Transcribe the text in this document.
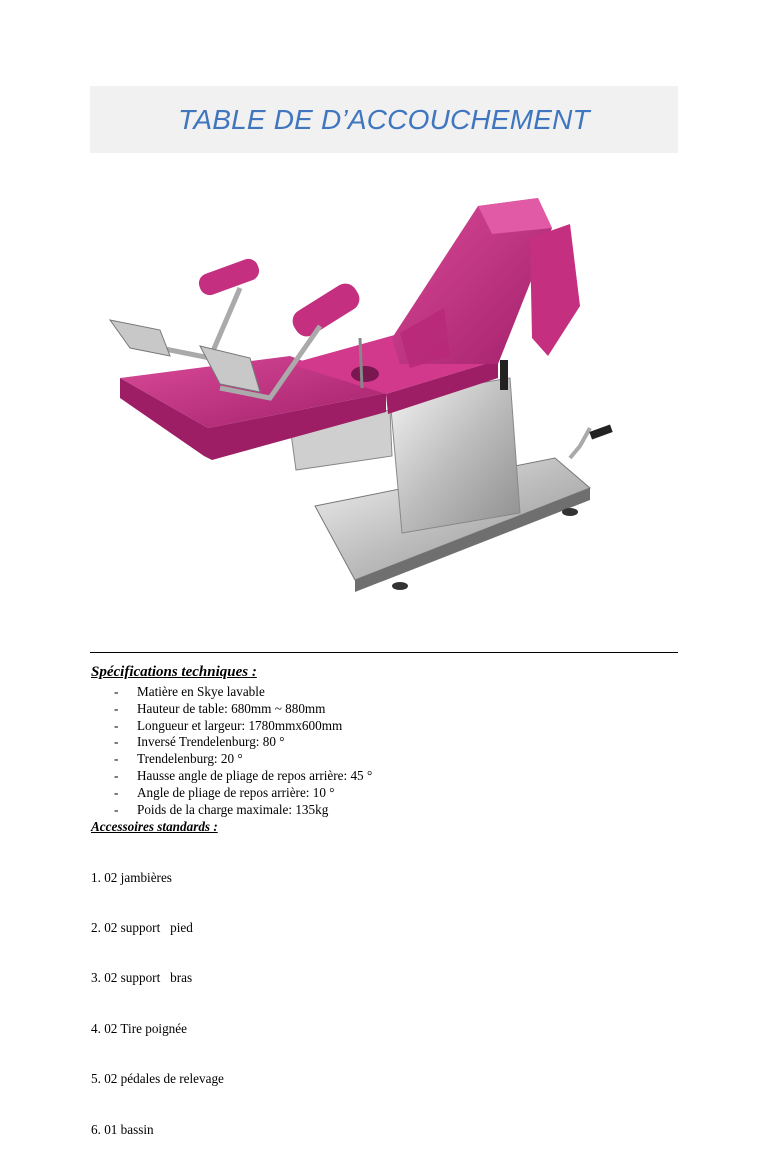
TABLE DE D’ACCOUCHEMENT
Spécifications techniques :
-	Matière en Skye lavable
-	Hauteur de table: 680mm ~ 880mm
-	Longueur et largeur: 1780mmx600mm
-	Inversé Trendelenburg: 80 °
-	Trendelenburg: 20 °
-	Hausse angle de pliage de repos arrière: 45 °
-	Angle de pliage de repos arrière: 10 °
-	Poids de la charge maximale: 135kg
Accessoires standards :

1. 02 jambières

2. 02 support   pied

3. 02 support   bras

4. 02 Tire poignée

5. 02 pédales de relevage

6. 01 bassin
